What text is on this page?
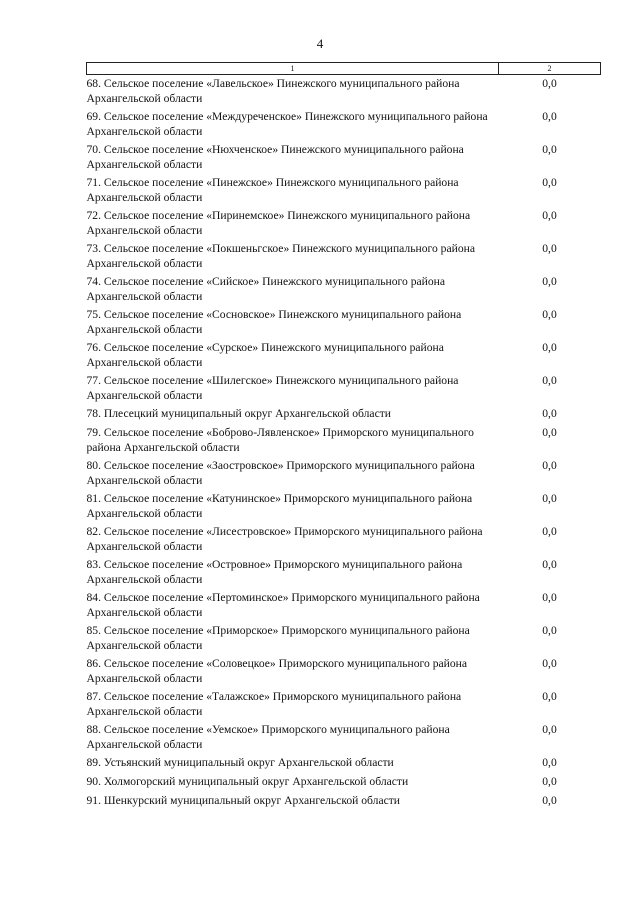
4
1	2
68. Сельское поселение «Лавельское» Пинежского муниципального района Архангельской области	0,0
69. Сельское поселение «Междуреченское» Пинежского муниципального района Архангельской области	0,0
70. Сельское поселение «Нюхченское» Пинежского муниципального района Архангельской области	0,0
71. Сельское поселение «Пинежское» Пинежского муниципального района Архангельской области	0,0
72. Сельское поселение «Пиринемское» Пинежского муниципального района Архангельской области	0,0
73. Сельское поселение «Покшеньгское» Пинежского муниципального района Архангельской области	0,0
74. Сельское поселение «Сийское» Пинежского муниципального района Архангельской области	0,0
75. Сельское поселение «Сосновское» Пинежского муниципального района Архангельской области	0,0
76. Сельское поселение «Сурское» Пинежского муниципального района Архангельской области	0,0
77. Сельское поселение «Шилегское» Пинежского муниципального района Архангельской области	0,0
78. Плесецкий муниципальный округ Архангельской области	0,0
79. Сельское поселение «Боброво-Лявленское» Приморского муниципального района Архангельской области	0,0
80. Сельское поселение «Заостровское» Приморского муниципального района Архангельской области	0,0
81. Сельское поселение «Катунинское» Приморского муниципального района Архангельской области	0,0
82. Сельское поселение «Лисестровское» Приморского муниципального района Архангельской области	0,0
83. Сельское поселение «Островное» Приморского муниципального района Архангельской области	0,0
84. Сельское поселение «Пертоминское» Приморского муниципального района Архангельской области	0,0
85. Сельское поселение «Приморское» Приморского муниципального района Архангельской области	0,0
86. Сельское поселение «Соловецкое» Приморского муниципального района Архангельской области	0,0
87. Сельское поселение «Талажское» Приморского муниципального района Архангельской области	0,0
88. Сельское поселение «Уемское» Приморского муниципального района Архангельской области	0,0
89. Устьянский муниципальный округ Архангельской области	0,0
90. Холмогорский муниципальный округ Архангельской области	0,0
91. Шенкурский муниципальный округ Архангельской области	0,0
